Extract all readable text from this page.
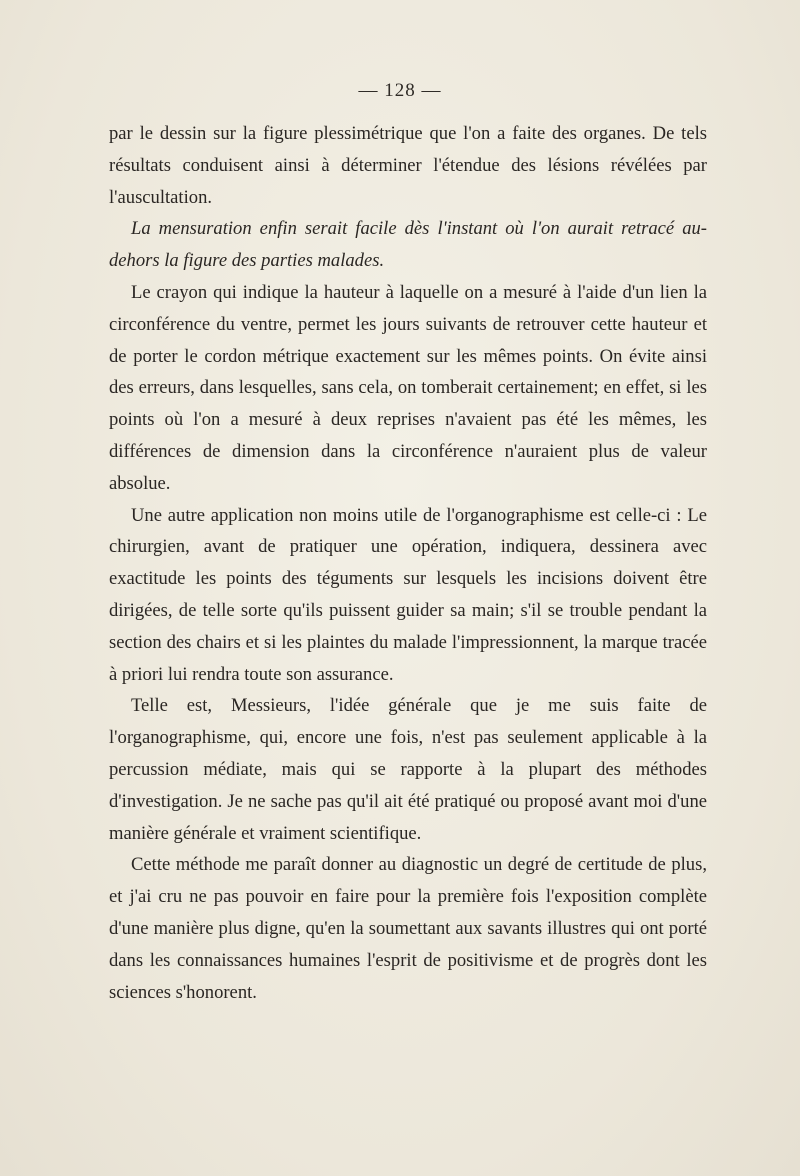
— 128 —

par le dessin sur la figure plessimétrique que l'on a faite des organes. De tels résultats conduisent ainsi à déterminer l'étendue des lésions révélées par l'auscultation.

La mensuration enfin serait facile dès l'instant où l'on aurait retracé au-dehors la figure des parties malades.

Le crayon qui indique la hauteur à laquelle on a mesuré à l'aide d'un lien la circonférence du ventre, permet les jours suivants de retrouver cette hauteur et de porter le cordon métrique exactement sur les mêmes points. On évite ainsi des erreurs, dans lesquelles, sans cela, on tomberait certainement; en effet, si les points où l'on a mesuré à deux reprises n'avaient pas été les mêmes, les différences de dimension dans la circonférence n'auraient plus de valeur absolue.

Une autre application non moins utile de l'organographisme est celle-ci : Le chirurgien, avant de pratiquer une opération, indiquera, dessinera avec exactitude les points des téguments sur lesquels les incisions doivent être dirigées, de telle sorte qu'ils puissent guider sa main; s'il se trouble pendant la section des chairs et si les plaintes du malade l'impressionnent, la marque tracée à priori lui rendra toute son assurance.

Telle est, Messieurs, l'idée générale que je me suis faite de l'organographisme, qui, encore une fois, n'est pas seulement applicable à la percussion médiate, mais qui se rapporte à la plupart des méthodes d'investigation. Je ne sache pas qu'il ait été pratiqué ou proposé avant moi d'une manière générale et vraiment scientifique.

Cette méthode me paraît donner au diagnostic un degré de certitude de plus, et j'ai cru ne pas pouvoir en faire pour la première fois l'exposition complète d'une manière plus digne, qu'en la soumettant aux savants illustres qui ont porté dans les connaissances humaines l'esprit de positivisme et de progrès dont les sciences s'honorent.
